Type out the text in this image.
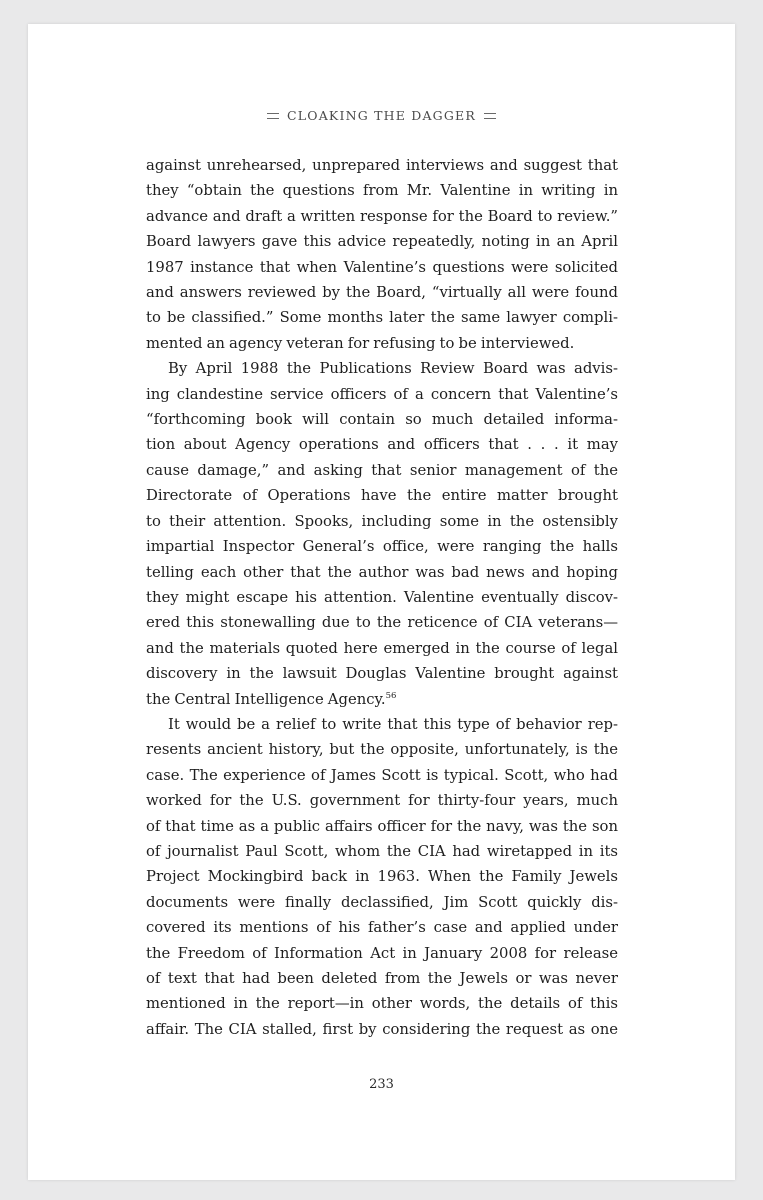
CLOAKING THE DAGGER
against unrehearsed, unprepared interviews and suggest that
they “obtain the questions from Mr. Valentine in writing in
advance and draft a written response for the Board to review.”
Board lawyers gave this advice repeatedly, noting in an April
1987 instance that when Valentine’s questions were solicited
and answers reviewed by the Board, “virtually all were found
to be classified.” Some months later the same lawyer compli-
mented an agency veteran for refusing to be interviewed.
By April 1988 the Publications Review Board was advis-
ing clandestine service officers of a concern that Valentine’s
“forthcoming book will contain so much detailed informa-
tion about Agency operations and officers that . . . it may
cause damage,” and asking that senior management of the
Directorate of Operations have the entire matter brought
to their attention. Spooks, including some in the ostensibly
impartial Inspector General’s office, were ranging the halls
telling each other that the author was bad news and hoping
they might escape his attention. Valentine eventually discov-
ered this stonewalling due to the reticence of CIA veterans—
and the materials quoted here emerged in the course of legal
discovery in the lawsuit Douglas Valentine brought against
the Central Intelligence Agency.$^{56}$
It would be a relief to write that this type of behavior rep-
resents ancient history, but the opposite, unfortunately, is the
case. The experience of James Scott is typical. Scott, who had
worked for the U.S. government for thirty-four years, much
of that time as a public affairs officer for the navy, was the son
of journalist Paul Scott, whom the CIA had wiretapped in its
Project Mockingbird back in 1963. When the Family Jewels
documents were finally declassified, Jim Scott quickly dis-
covered its mentions of his father’s case and applied under
the Freedom of Information Act in January 2008 for release
of text that had been deleted from the Jewels or was never
mentioned in the report—in other words, the details of this
affair. The CIA stalled, first by considering the request as one
233
